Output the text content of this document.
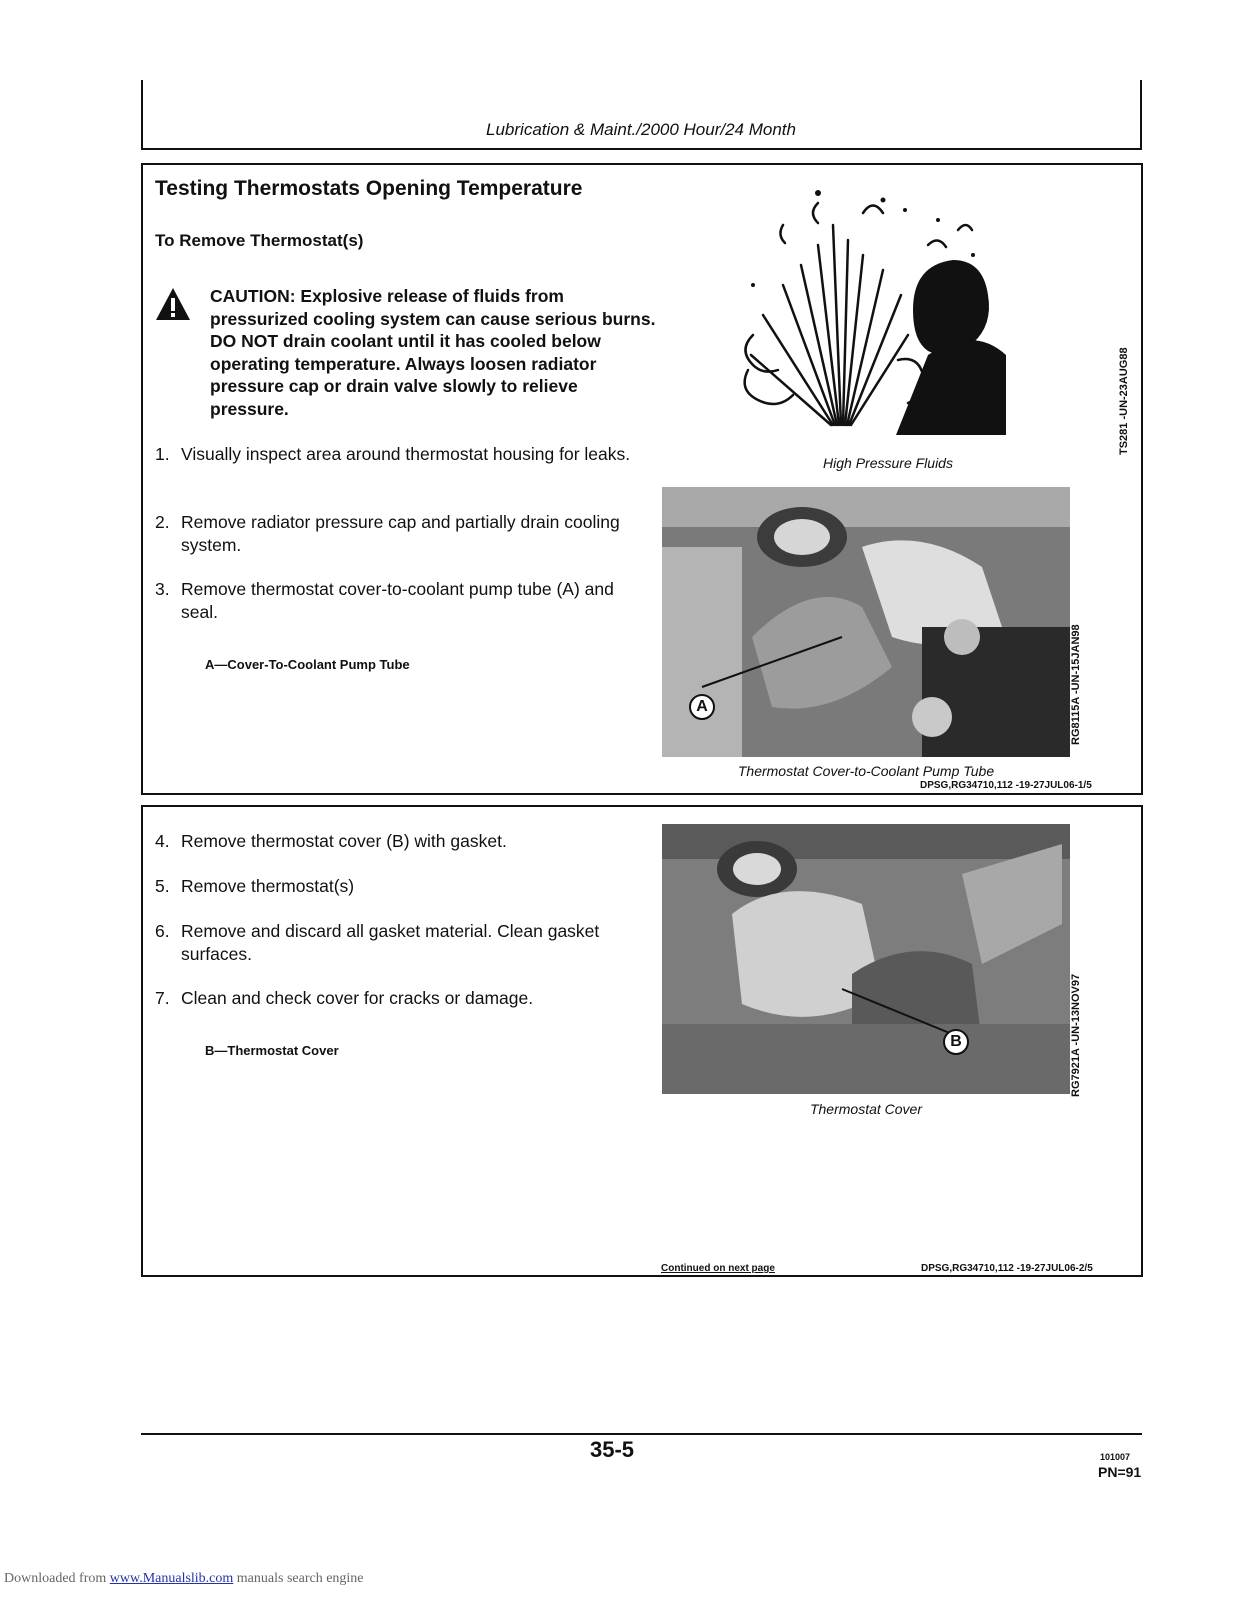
Lubrication & Maint./2000 Hour/24 Month
Testing Thermostats Opening Temperature
To Remove Thermostat(s)
CAUTION: Explosive release of fluids from pressurized cooling system can cause serious burns. DO NOT drain coolant until it has cooled below operating temperature. Always loosen radiator pressure cap or drain valve slowly to relieve pressure.
1. Visually inspect area around thermostat housing for leaks.
2. Remove radiator pressure cap and partially drain cooling system.
3. Remove thermostat cover-to-coolant pump tube (A) and seal.
A—Cover-To-Coolant Pump Tube
High Pressure Fluids
TS281 -UN-23AUG88
A	RG8115A -UN-15JAN98
Thermostat Cover-to-Coolant Pump Tube
DPSG,RG34710,112 -19-27JUL06-1/5
4. Remove thermostat cover (B) with gasket.
5. Remove thermostat(s)
6. Remove and discard all gasket material. Clean gasket surfaces.
7. Clean and check cover for cracks or damage.
B—Thermostat Cover
B	RG7921A -UN-13NOV97
Thermostat Cover
Continued on next page	DPSG,RG34710,112 -19-27JUL06-2/5
35-5	101007
PN=91
Downloaded from www.Manualslib.com manuals search engine
